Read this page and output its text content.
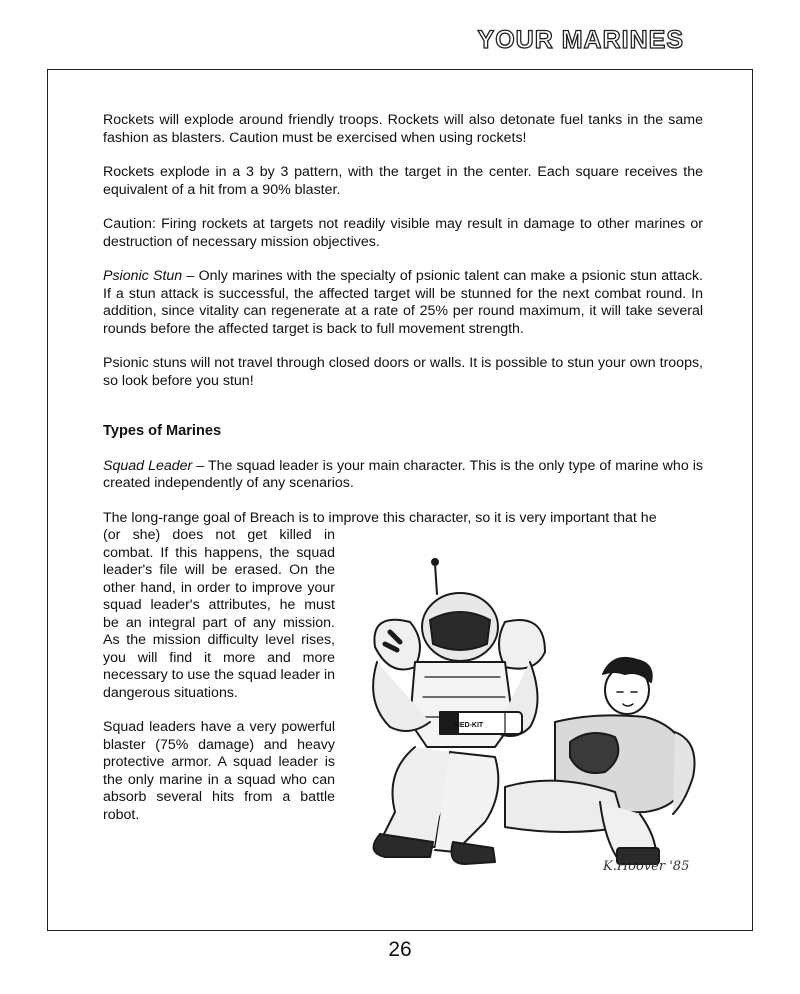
YOUR MARINES

Rockets will explode around friendly troops. Rockets will also detonate fuel tanks in the same fashion as blasters. Caution must be exercised when using rockets!

Rockets explode in a 3 by 3 pattern, with the target in the center. Each square receives the equivalent of a hit from a 90% blaster.

Caution: Firing rockets at targets not readily visible may result in damage to other marines or destruction of necessary mission objectives.

Psionic Stun – Only marines with the specialty of psionic talent can make a psionic stun attack. If a stun attack is successful, the affected target will be stunned for the next combat round. In addition, since vitality can regenerate at a rate of 25% per round maximum, it will take several rounds before the affected target is back to full movement strength.

Psionic stuns will not travel through closed doors or walls. It is possible to stun your own troops, so look before you stun!

Types of Marines

Squad Leader – The squad leader is your main character. This is the only type of marine who is created independently of any scenarios.

The long-range goal of Breach is to improve this character, so it is very important that he

(or she) does not get killed in combat. If this happens, the squad leader's file will be erased. On the other hand, in order to improve your squad leader's attributes, he must be an integral part of any mission. As the mission difficulty level rises, you will find it more and more necessary to use the squad leader in dangerous situations.

Squad leaders have a very powerful blaster (75% damage) and heavy protective armor. A squad leader is the only marine in a squad who can absorb several hits from a battle robot.

MED-KIT
K.Hoover '85
26
